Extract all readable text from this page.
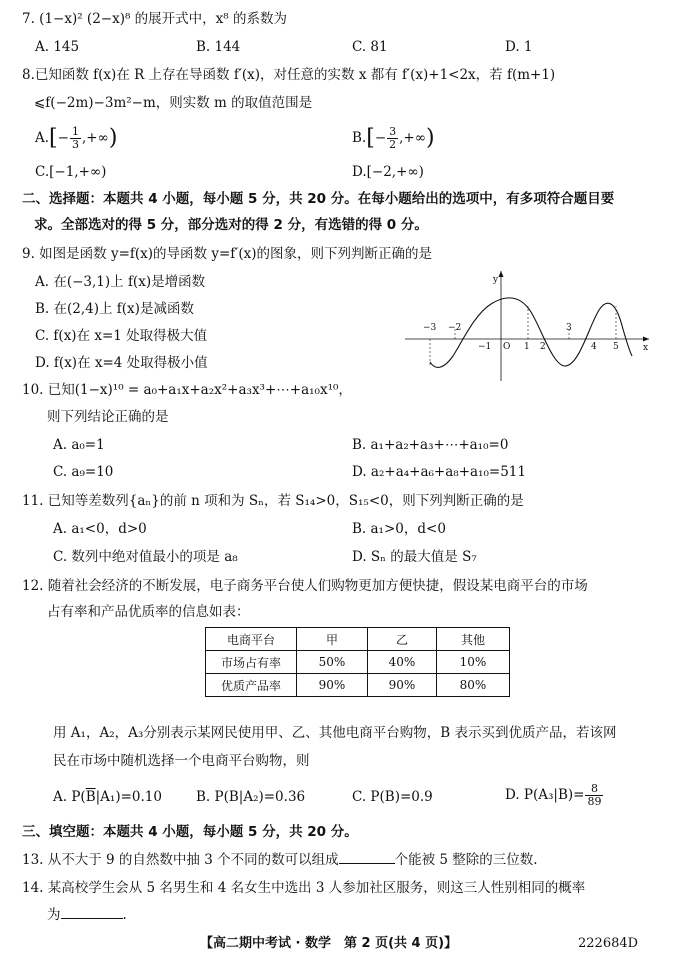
7. (1−x)² (2−x)⁸ 的展开式中，x⁸ 的系数为
A. 145	B. 144	C. 81	D. 1
8.已知函数 f(x)在 R 上存在导函数 f′(x)，对任意的实数 x 都有 f′(x)+1<2x，若 f(m+1)
⩽f(−2m)−3m²−m，则实数 m 的取值范围是
$A.[- \frac{1}{3}$ ,+∞)	$B.[- \frac{3}{2}$ ,+∞)
C.[−1,+∞)	D.[−2,+∞)
二、选择题：本题共 4 小题，每小题 5 分，共 20 分。在每小题给出的选项中，有多项符合题目要
求。全部选对的得 5 分，部分选对的得 2 分，有选错的得 0 分。
9. 如图是函数 y=f(x)的导函数 y=f′(x)的图象，则下列判断正确的是
A. 在(−3,1)上 f(x)是增函数
B. 在(2,4)上 f(x)是减函数
C. f(x)在 x=1 处取得极大值
D. f(x)在 x=4 处取得极小值
y
x
O
−3 −2
−1	1 2
3
4 5
10. 已知(1−x)¹⁰ = a₀+a₁x+a₂x²+a₃x³+⋯+a₁₀x¹⁰，
则下列结论正确的是
A. a₀=1	B. a₁+a₂+a₃+⋯+a₁₀=0
C. a₉=10	D. a₂+a₄+a₆+a₈+a₁₀=511
11. 已知等差数列{aₙ}的前 n 项和为 Sₙ，若 S₁₄>0，S₁₅<0，则下列判断正确的是
A. a₁<0，d>0	B. a₁>0，d<0
C. 数列中绝对值最小的项是 a₈	D. Sₙ 的最大值是 S₇
12. 随着社会经济的不断发展，电子商务平台使人们购物更加方便快捷，假设某电商平台的市场
占有率和产品优质率的信息如表：
电商平台	甲	乙	其他
市场占有率	50%	40%	10%
优质产品率	90%	90%	80%
用 A₁，A₂，A₃分别表示某网民使用甲、乙、其他电商平台购物，B 表示买到优质产品，若该网
民在市场中随机选择一个电商平台购物，则
A. $P(\overline{B}|A_1)=0.10$	B. P(B|A₂)=0.36	C. P(B)=0.9	D. $P(A_3|B)= \frac{8}{89}$
三、填空题：本题共 4 小题，每小题 5 分，共 20 分。
13. 从不大于 9 的自然数中抽 3 个不同的数可以组成	个能被 5 整除的三位数.
14. 某高校学生会从 5 名男生和 4 名女生中选出 3 人参加社区服务，则这三人性别相同的概率
为	.
【高二期中考试 · 数学　第 2 页(共 4 页)】	222684D
